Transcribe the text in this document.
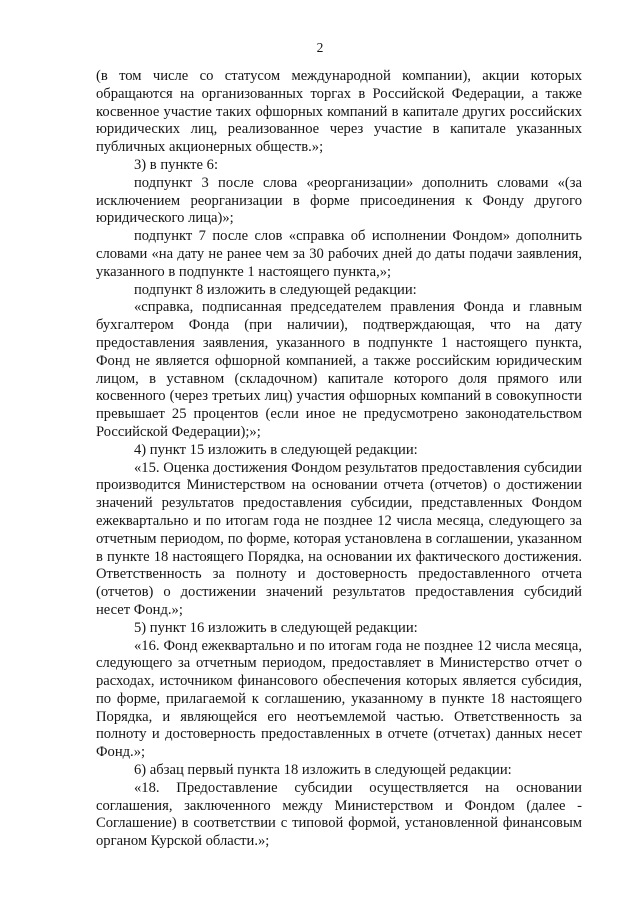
2

(в том числе со статусом международной компании), акции которых обращаются на организованных торгах в Российской Федерации, а также косвенное участие таких офшорных компаний в капитале других российских юридических лиц, реализованное через участие в капитале указанных публичных акционерных обществ.»;

3) в пункте 6:

подпункт 3 после слова «реорганизации» дополнить словами «(за исключением реорганизации в форме присоединения к Фонду другого юридического лица)»;

подпункт 7 после слов «справка об исполнении Фондом» дополнить словами «на дату не ранее чем за 30 рабочих дней до даты подачи заявления, указанного в подпункте 1 настоящего пункта,»;

подпункт 8 изложить в следующей редакции:

«справка, подписанная председателем правления Фонда и главным бухгалтером Фонда (при наличии), подтверждающая, что на дату предоставления заявления, указанного в подпункте 1 настоящего пункта, Фонд не является офшорной компанией, а также российским юридическим лицом, в уставном (складочном) капитале которого доля прямого или косвенного (через третьих лиц) участия офшорных компаний в совокупности превышает 25 процентов (если иное не предусмотрено законодательством Российской Федерации);»;

4) пункт 15 изложить в следующей редакции:

«15. Оценка достижения Фондом результатов предоставления субсидии производится Министерством на основании отчета (отчетов) о достижении значений результатов предоставления субсидии, представленных Фондом ежеквартально и по итогам года не позднее 12 числа месяца, следующего за отчетным периодом, по форме, которая установлена в соглашении, указанном в пункте 18 настоящего Порядка, на основании их фактического достижения. Ответственность за полноту и достоверность предоставленного отчета (отчетов) о достижении значений результатов предоставления субсидий несет Фонд.»;

5) пункт 16 изложить в следующей редакции:

«16. Фонд ежеквартально и по итогам года не позднее 12 числа месяца, следующего за отчетным периодом, предоставляет в Министерство отчет о расходах, источником финансового обеспечения которых является субсидия, по форме, прилагаемой к соглашению, указанному в пункте 18 настоящего Порядка, и являющейся его неотъемлемой частью. Ответственность за полноту и достоверность предоставленных в отчете (отчетах) данных несет Фонд.»;

6) абзац первый пункта 18 изложить в следующей редакции:

«18. Предоставление субсидии осуществляется на основании соглашения, заключенного между Министерством и Фондом (далее - Соглашение) в соответствии с типовой формой, установленной финансовым органом Курской области.»;
